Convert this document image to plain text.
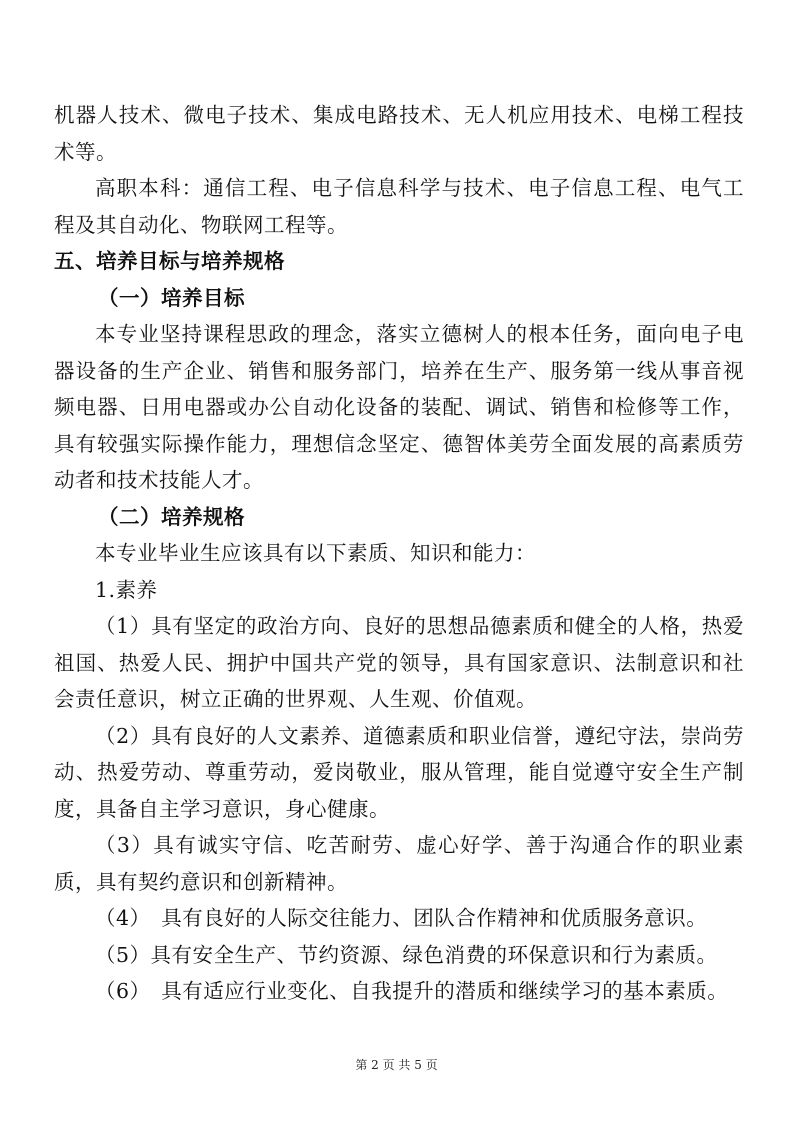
机器人技术、微电子技术、集成电路技术、无人机应用技术、电梯工程技术等。

高职本科：通信工程、电子信息科学与技术、电子信息工程、电气工程及其自动化、物联网工程等。

五、培养目标与培养规格

（一）培养目标

本专业坚持课程思政的理念，落实立德树人的根本任务，面向电子电器设备的生产企业、销售和服务部门，培养在生产、服务第一线从事音视频电器、日用电器或办公自动化设备的装配、调试、销售和检修等工作，具有较强实际操作能力，理想信念坚定、德智体美劳全面发展的高素质劳动者和技术技能人才。

（二）培养规格

本专业毕业生应该具有以下素质、知识和能力：

1.素养

（1）具有坚定的政治方向、良好的思想品德素质和健全的人格，热爱祖国、热爱人民、拥护中国共产党的领导，具有国家意识、法制意识和社会责任意识，树立正确的世界观、人生观、价值观。

（2）具有良好的人文素养、道德素质和职业信誉，遵纪守法，崇尚劳动、热爱劳动、尊重劳动，爱岗敬业，服从管理，能自觉遵守安全生产制度，具备自主学习意识，身心健康。

（3）具有诚实守信、吃苦耐劳、虚心好学、善于沟通合作的职业素质，具有契约意识和创新精神。

（4）　具有良好的人际交往能力、团队合作精神和优质服务意识。

（5）具有安全生产、节约资源、绿色消费的环保意识和行为素质。

（6）　具有适应行业变化、自我提升的潜质和继续学习的基本素质。

第 2 页 共 5 页
